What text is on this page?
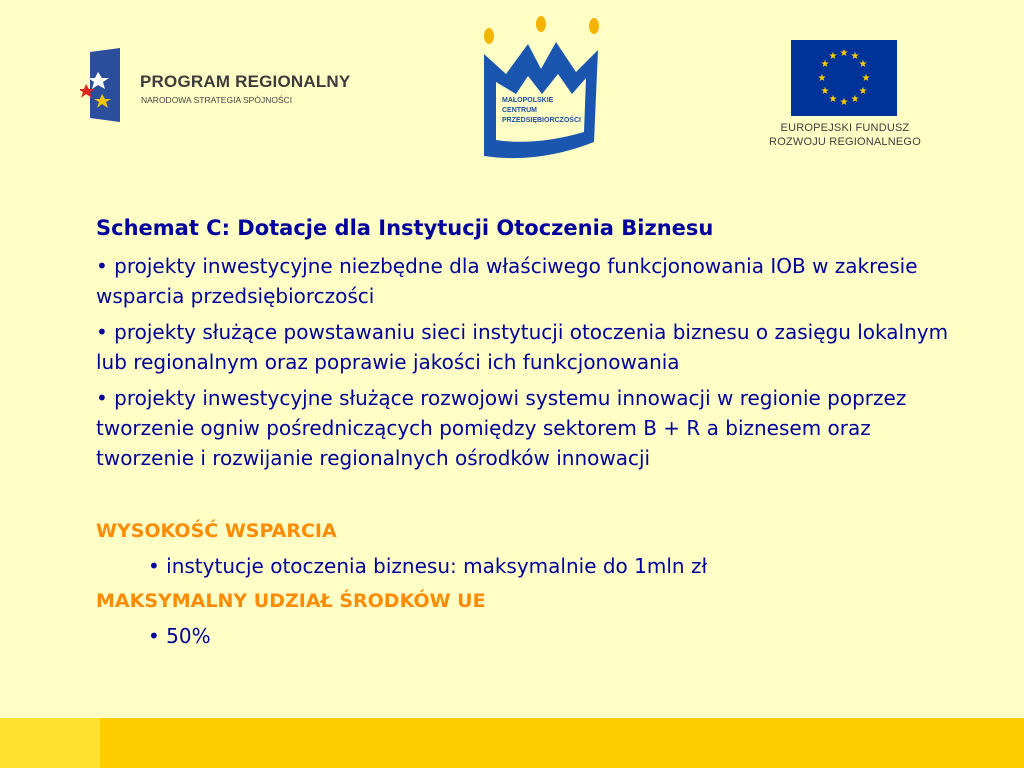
PROGRAM REGIONALNY
NARODOWA STRATEGIA SPÓJNOŚCI	MAŁOPOLSKIE
CENTRUM
PRZEDSIĘBIORCZOŚCI
★ ★
★
★
★
★
★
★
★
★
★
★
EUROPEJSKI FUNDUSZ
ROZWOJU REGIONALNEGO
Schemat C: Dotacje dla Instytucji Otoczenia Biznesu
• projekty inwestycyjne niezbędne dla właściwego funkcjonowania IOB w zakresie wsparcia przedsiębiorczości
• projekty służące powstawaniu sieci instytucji otoczenia biznesu o zasięgu lokalnym lub regionalnym oraz poprawie jakości ich funkcjonowania
• projekty inwestycyjne służące rozwojowi systemu innowacji w regionie poprzez tworzenie ogniw pośredniczących pomiędzy sektorem B + R a biznesem oraz tworzenie i rozwijanie regionalnych ośrodków innowacji
WYSOKOŚĆ WSPARCIA
• instytucje otoczenia biznesu: maksymalnie do 1mln zł
MAKSYMALNY UDZIAŁ ŚRODKÓW UE
• 50%
